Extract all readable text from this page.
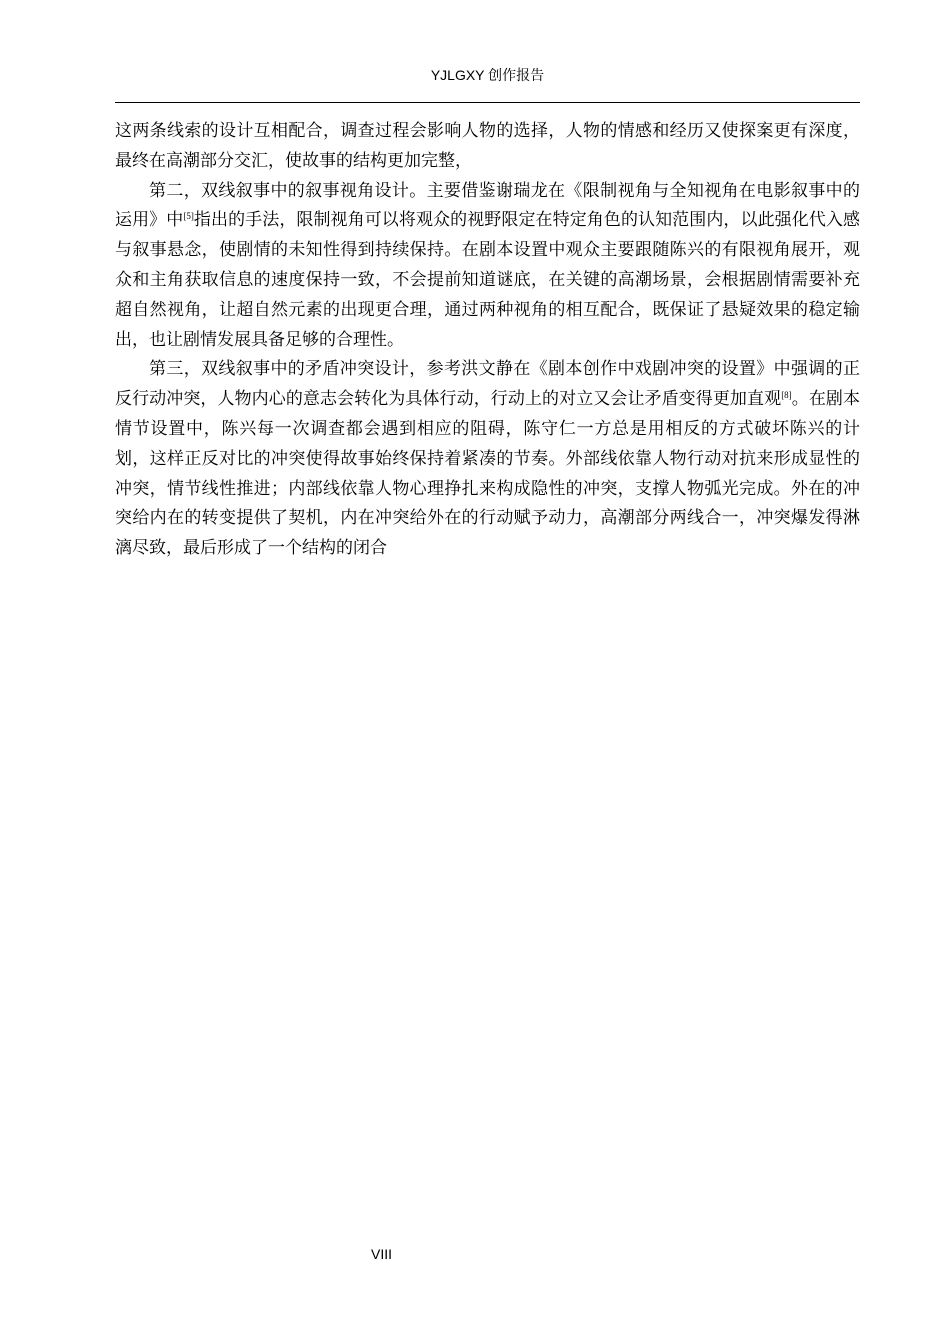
YJLGXY 创作报告

这两条线索的设计互相配合，调查过程会影响人物的选择，人物的情感和经历又使探案更有深度，最终在高潮部分交汇，使故事的结构更加完整，

第二，双线叙事中的叙事视角设计。主要借鉴谢瑞龙在《限制视角与全知视角在电影叙事中的运用》中[5]指出的手法，限制视角可以将观众的视野限定在特定角色的认知范围内，以此强化代入感与叙事悬念，使剧情的未知性得到持续保持。在剧本设置中观众主要跟随陈兴的有限视角展开，观众和主角获取信息的速度保持一致，不会提前知道谜底，在关键的高潮场景，会根据剧情需要补充超自然视角，让超自然元素的出现更合理，通过两种视角的相互配合，既保证了悬疑效果的稳定输出，也让剧情发展具备足够的合理性。

第三，双线叙事中的矛盾冲突设计，参考洪文静在《剧本创作中戏剧冲突的设置》中强调的正反行动冲突，人物内心的意志会转化为具体行动，行动上的对立又会让矛盾变得更加直观[8]。在剧本情节设置中，陈兴每一次调查都会遇到相应的阻碍，陈守仁一方总是用相反的方式破坏陈兴的计划，这样正反对比的冲突使得故事始终保持着紧凑的节奏。外部线依靠人物行动对抗来形成显性的冲突，情节线性推进；内部线依靠人物心理挣扎来构成隐性的冲突，支撑人物弧光完成。外在的冲突给内在的转变提供了契机，内在冲突给外在的行动赋予动力，高潮部分两线合一，冲突爆发得淋漓尽致，最后形成了一个结构的闭合

VIII
